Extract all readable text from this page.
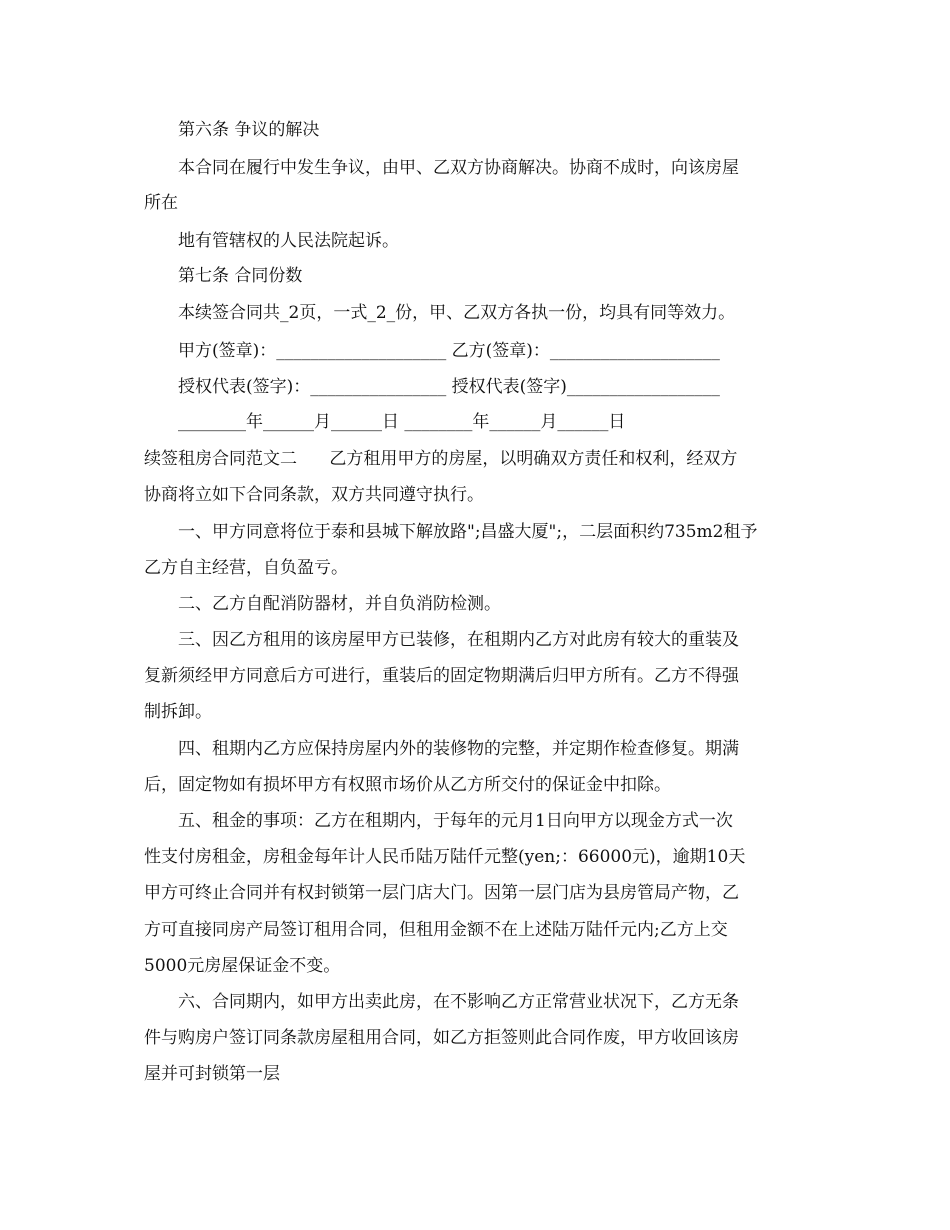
第六条 争议的解决
本合同在履行中发生争议，由甲、乙双方协商解决。协商不成时，向该房屋
所在
地有管辖权的人民法院起诉。
第七条 合同份数
本续签合同共_2页，一式_2_份，甲、乙双方各执一份，均具有同等效力。
甲方(签章)：____________________ 乙方(签章)：____________________
授权代表(签字)：________________ 授权代表(签字)__________________
________年______月______日 ________年______月______日
续签租房合同范文二      乙方租用甲方的房屋，以明确双方责任和权利，经双方
协商将立如下合同条款，双方共同遵守执行。
一、甲方同意将位于泰和县城下解放路";昌盛大厦";，二层面积约735m2租予
乙方自主经营，自负盈亏。
二、乙方自配消防器材，并自负消防检测。
三、因乙方租用的该房屋甲方已装修，在租期内乙方对此房有较大的重装及
复新须经甲方同意后方可进行，重装后的固定物期满后归甲方所有。乙方不得强
制拆卸。
四、租期内乙方应保持房屋内外的装修物的完整，并定期作检查修复。期满
后，固定物如有损坏甲方有权照市场价从乙方所交付的保证金中扣除。
五、租金的事项：乙方在租期内，于每年的元月1日向甲方以现金方式一次
性支付房租金，房租金每年计人民币陆万陆仟元整(yen;：66000元)，逾期10天
甲方可终止合同并有权封锁第一层门店大门。因第一层门店为县房管局产物，乙
方可直接同房产局签订租用合同，但租用金额不在上述陆万陆仟元内;乙方上交
5000元房屋保证金不变。
六、合同期内，如甲方出卖此房，在不影响乙方正常营业状况下，乙方无条
件与购房户签订同条款房屋租用合同，如乙方拒签则此合同作废，甲方收回该房
屋并可封锁第一层
